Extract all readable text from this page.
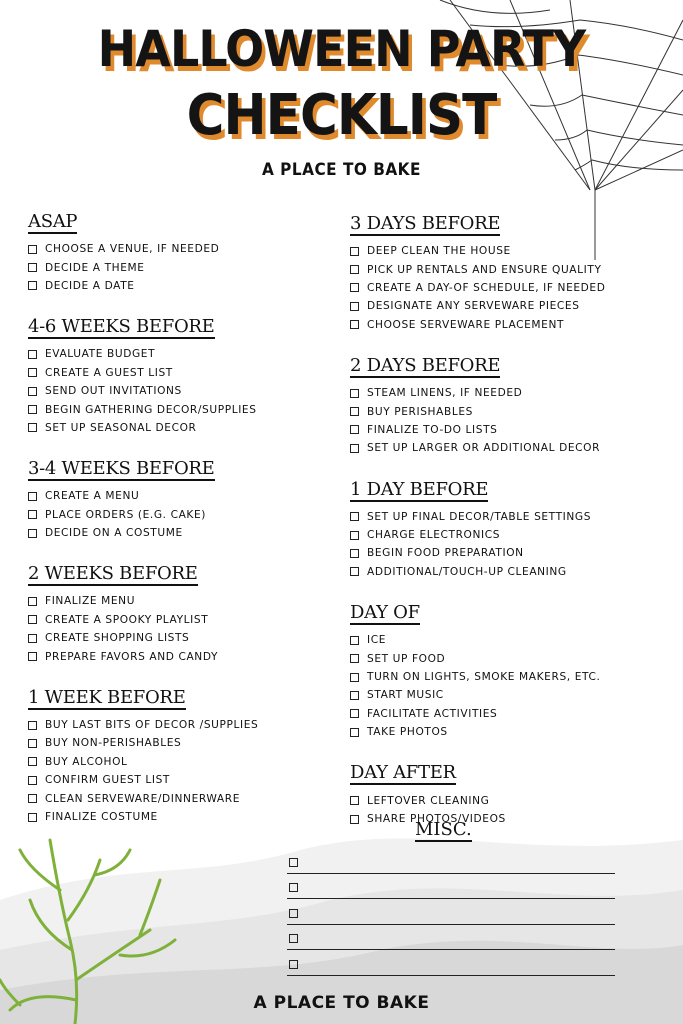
HALLOWEEN PARTY
CHECKLIST
A PLACE TO BAKE
ASAP
CHOOSE A VENUE, IF NEEDED
DECIDE A THEME
DECIDE A DATE
4-6 WEEKS BEFORE
EVALUATE BUDGET
CREATE A GUEST LIST
SEND OUT INVITATIONS
BEGIN GATHERING DECOR/SUPPLIES
SET UP SEASONAL DECOR
3-4 WEEKS BEFORE
CREATE A MENU
PLACE ORDERS (E.G. CAKE)
DECIDE ON A COSTUME
2 WEEKS BEFORE
FINALIZE MENU
CREATE A SPOOKY PLAYLIST
CREATE SHOPPING LISTS
PREPARE FAVORS AND CANDY
1 WEEK BEFORE
BUY LAST BITS OF DECOR /SUPPLIES
BUY NON-PERISHABLES
BUY ALCOHOL
CONFIRM GUEST LIST
CLEAN SERVEWARE/DINNERWARE
FINALIZE COSTUME
3 DAYS BEFORE
DEEP CLEAN THE HOUSE
PICK UP RENTALS AND ENSURE QUALITY
CREATE A DAY-OF SCHEDULE, IF NEEDED
DESIGNATE ANY SERVEWARE PIECES
CHOOSE SERVEWARE PLACEMENT
2 DAYS BEFORE
STEAM LINENS, IF NEEDED
BUY PERISHABLES
FINALIZE TO-DO LISTS
SET UP LARGER OR ADDITIONAL DECOR
1 DAY BEFORE
SET UP FINAL DECOR/TABLE SETTINGS
CHARGE ELECTRONICS
BEGIN FOOD PREPARATION
ADDITIONAL/TOUCH-UP CLEANING
DAY OF
ICE
SET UP FOOD
TURN ON LIGHTS, SMOKE MAKERS, ETC.
START MUSIC
FACILITATE ACTIVITIES
TAKE PHOTOS
DAY AFTER
LEFTOVER CLEANING
SHARE PHOTOS/VIDEOS
MISC.
A PLACE TO BAKE
